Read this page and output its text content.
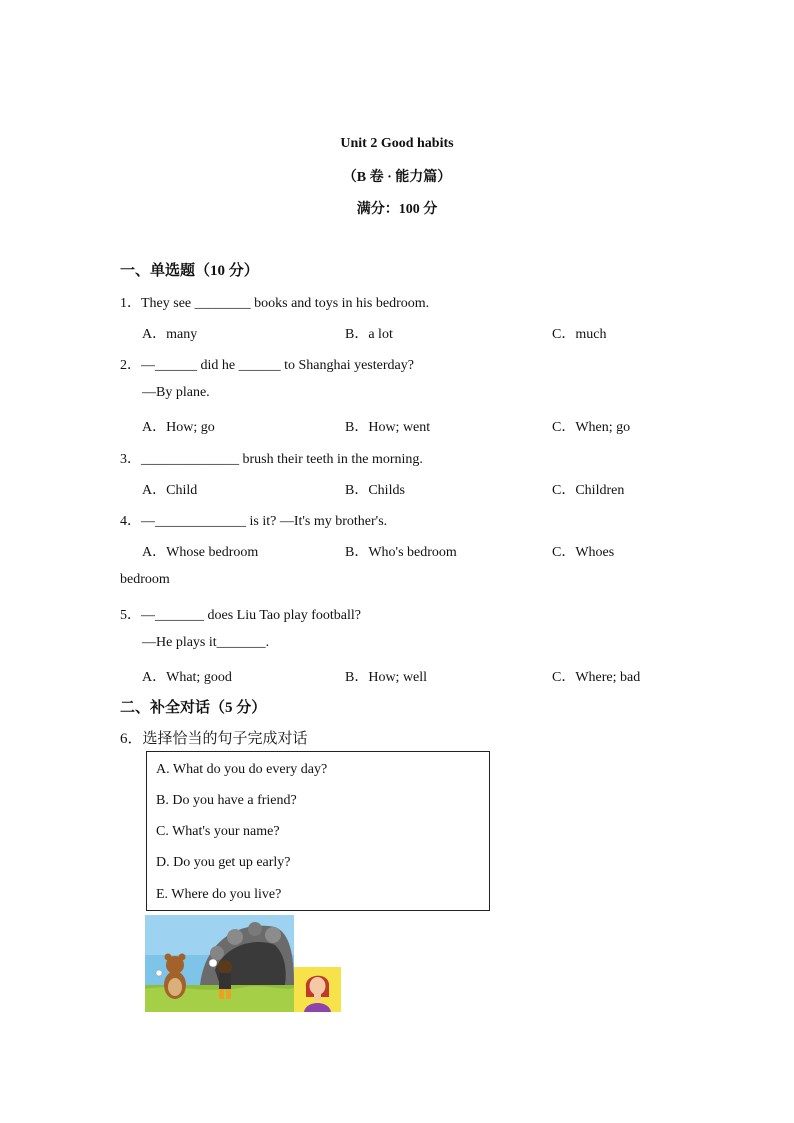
Unit 2 Good habits
（B 卷 · 能力篇）
满分：100 分
一、单选题（10 分）
1．They see ________ books and toys in his bedroom.
A．many	B．a lot	C．much
2．—______ did he ______ to Shanghai yesterday?
—By plane.
A．How; go	B．How; went	C．When; go
3．______________ brush their teeth in the morning.
A．Child	B．Childs	C．Children
4．—_____________ is it? —It's my brother's.
A．Whose bedroom	B．Who's bedroom	C．Whoes
bedroom
5．—_______ does Liu Tao play football?
—He plays it_______.
A．What; good	B．How; well	C．Where; bad
二、补全对话（5 分）
6．选择恰当的句子完成对话
A. What do you do every day?
B. Do you have a friend?
C. What's your name?
D. Do you get up early?
E. Where do you live?
